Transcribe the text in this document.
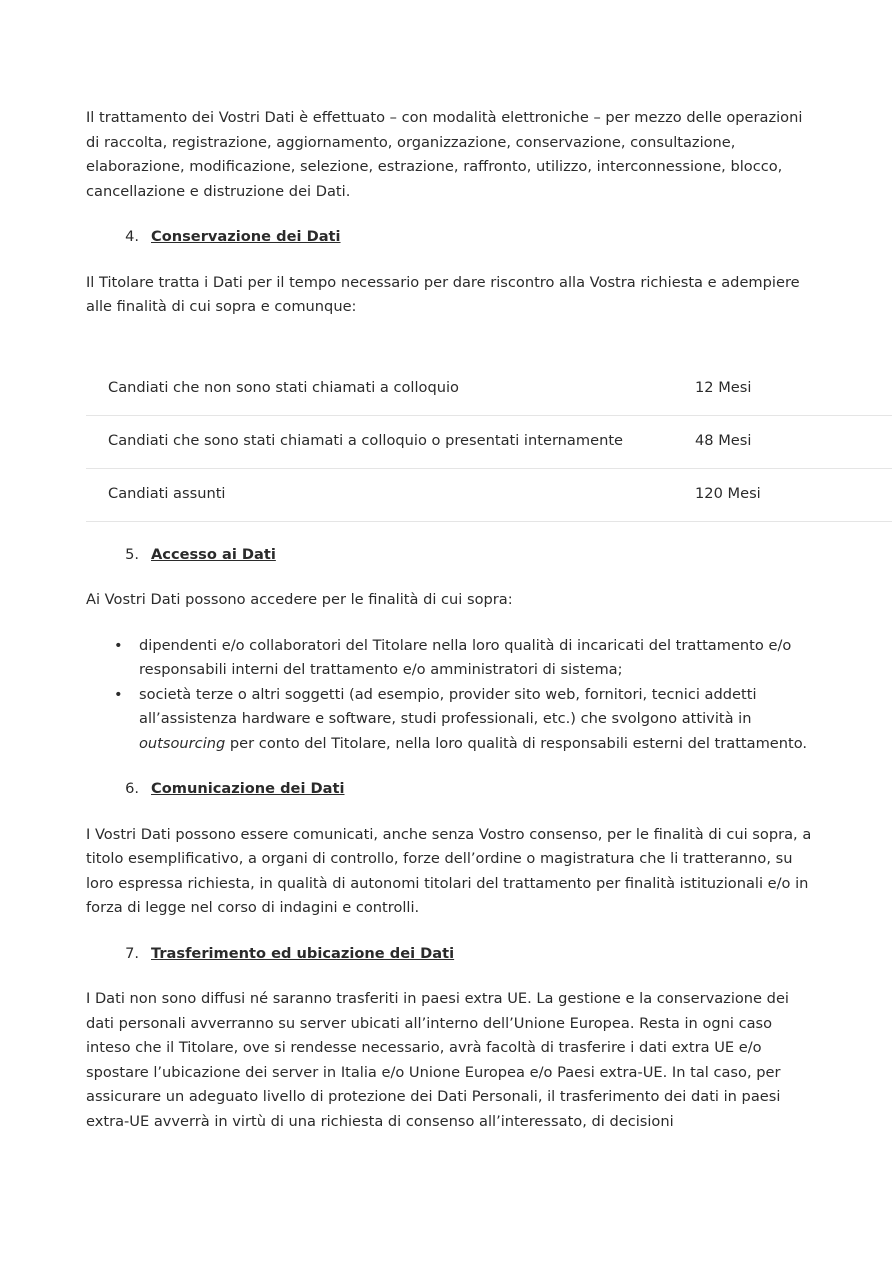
Il trattamento dei Vostri Dati è effettuato – con modalità elettroniche – per mezzo delle operazioni di raccolta, registrazione, aggiornamento, organizzazione, conservazione, consultazione, elaborazione, modificazione, selezione, estrazione, raffronto, utilizzo, interconnessione, blocco, cancellazione e distruzione dei Dati.

4. Conservazione dei Dati

Il Titolare tratta i Dati per il tempo necessario per dare riscontro alla Vostra richiesta e adempiere alle finalità di cui sopra e comunque:

Candiati che non sono stati chiamati a colloquio	12 Mesi
Candiati che sono stati chiamati a colloquio o presentati internamente	48 Mesi
Candiati assunti	120 Mesi
5. Accesso ai Dati

Ai Vostri Dati possono accedere per le finalità di cui sopra:

• dipendenti e/o collaboratori del Titolare nella loro qualità di incaricati del trattamento e/o responsabili interni del trattamento e/o amministratori di sistema;
• società terze o altri soggetti (ad esempio, provider sito web, fornitori, tecnici addetti all’assistenza hardware e software, studi professionali, etc.) che svolgono attività in outsourcing per conto del Titolare, nella loro qualità di responsabili esterni del trattamento.
6. Comunicazione dei Dati

I Vostri Dati possono essere comunicati, anche senza Vostro consenso, per le finalità di cui sopra, a titolo esemplificativo, a organi di controllo, forze dell’ordine o magistratura che li tratteranno, su loro espressa richiesta, in qualità di autonomi titolari del trattamento per finalità istituzionali e/o in forza di legge nel corso di indagini e controlli.

7. Trasferimento ed ubicazione dei Dati

I Dati non sono diffusi né saranno trasferiti in paesi extra UE. La gestione e la conservazione dei dati personali avverranno su server ubicati all’interno dell’Unione Europea. Resta in ogni caso inteso che il Titolare, ove si rendesse necessario, avrà facoltà di trasferire i dati extra UE e/o spostare l’ubicazione dei server in Italia e/o Unione Europea e/o Paesi extra-UE. In tal caso, per assicurare un adeguato livello di protezione dei Dati Personali, il trasferimento dei dati in paesi extra-UE avverrà in virtù di una richiesta di consenso all’interessato, di decisioni
